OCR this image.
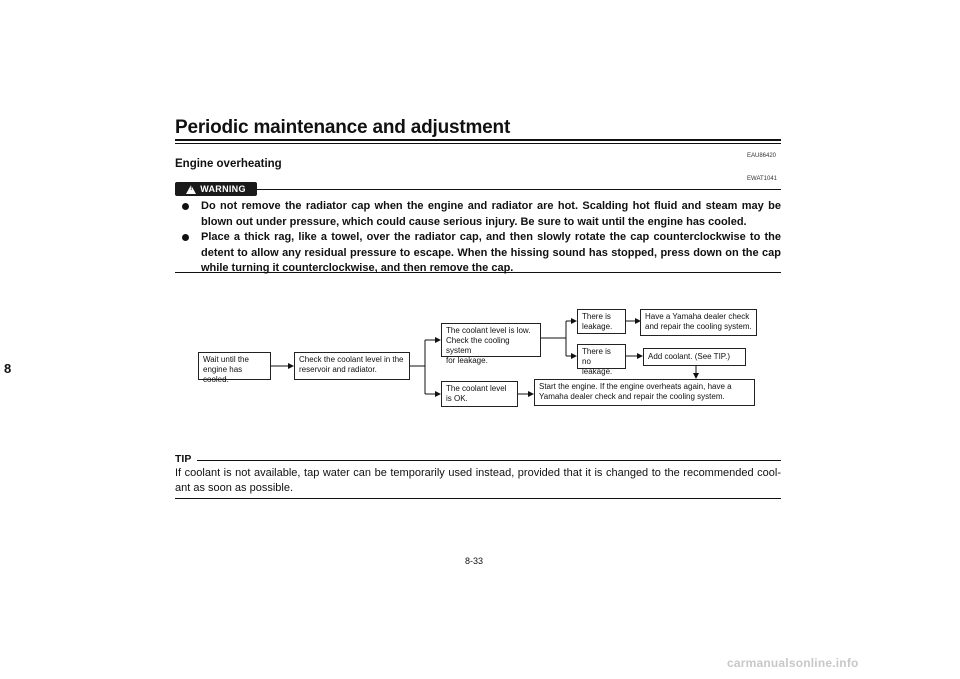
Periodic maintenance and adjustment
8
EAU86420
Engine overheating
EWAT1041
! WARNING
Do not remove the radiator cap when the engine and radiator are hot. Scalding hot fluid and steam may be blown out under pressure, which could cause serious injury. Be sure to wait until the engine has cooled.
Place a thick rag, like a towel, over the radiator cap, and then slowly rotate the cap counterclockwise to the detent to allow any residual pressure to escape. When the hissing sound has stopped, press down on the cap while turning it counterclockwise, and then remove the cap.
Wait until the
engine has cooled.
Check the coolant level in the
reservoir and radiator.
The coolant level is low.
Check the cooling system
for leakage.
The coolant level
is OK.
There is
leakage.
There is
no leakage.
Have a Yamaha dealer check
and repair the cooling system.
Add coolant. (See TIP.)
Start the engine. If the engine overheats again, have a
Yamaha dealer check and repair the cooling system.
TIP
If coolant is not available, tap water can be temporarily used instead, provided that it is changed to the recommended cool-ant as soon as possible.
8-33
carmanualsonline.info
